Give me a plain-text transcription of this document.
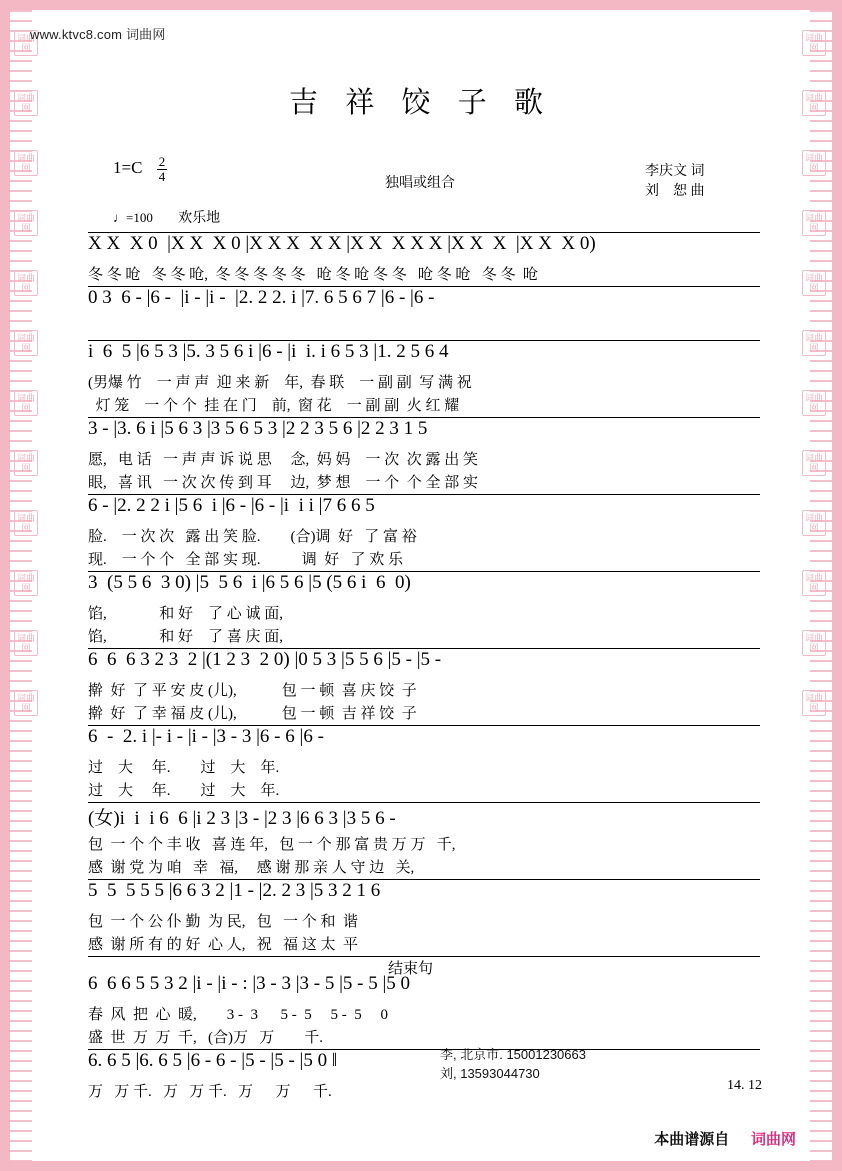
词曲网
词曲网
词曲网
词曲网
词曲网
词曲网
词曲网
词曲网
词曲网
词曲网
词曲网
词曲网
词曲网
词曲网
词曲网
词曲网
词曲网
词曲网
词曲网
词曲网
词曲网
词曲网
词曲网
词曲网
www.ktvc8.com 词曲网
吉 祥 饺 子 歌
$1=C \frac{2}{4}$
独唱或组合
李庆文 词
刘　恕 曲
♩=100 欢乐地
X X  X 0  |X X  X 0 |X X X  X X |X X  X X X |X X  X  |X X  X 0)
冬 冬 呛   冬 冬 呛,  冬 冬 冬 冬 冬   呛 冬 呛 冬 冬   呛 冬 呛   冬 冬  呛
0 3  6 - |6 -  |i - |i -  |2. 2 2. i |7. 6 5 6 7 |6 - |6 -

i  6  5 |6 5 3 |5. 3 5 6 i |6 - |i  i. i 6 5 3 |1. 2 5 6 4
(男爆 竹    一 声 声  迎 来 新    年,  春 联    一 副 副  写 满 祝
灯 笼    一 个 个  挂 在 门    前,  窗 花    一 副 副  火 红 耀
3 - |3. 6 i |5 6 3 |3 5 6 5 3 |2 2 3 5 6 |2 2 3 1 5
愿,   电 话   一 声 声 诉 说 思     念,  妈 妈    一 次  次 露 出 笑
眼,   喜 讯   一 次 次 传 到 耳     边,  梦 想    一 个  个 全 部 实
6 - |2. 2 2 i |5 6  i |6 - |6 - |i  i i |7 6 6 5
脸.    一 次 次   露 出 笑 脸.        (合)调  好   了 富 裕
现.    一 个 个   全 部 实 现.           调  好   了 欢 乐
3  (5 5 6  3 0) |5  5 6  i |6 5 6 |5 (5 6 i  6  0)
馅,              和 好    了 心 诚 面,
馅,              和 好    了 喜 庆 面,
6  6  6 3 2 3  2 |(1 2 3  2 0) |0 5 3 |5 5 6 |5 - |5 -
擀  好  了 平 安 皮 (儿),            包 一 顿  喜 庆 饺  子
擀  好  了 幸 福 皮 (儿),            包 一 顿  吉 祥 饺  子
6  -  2. i |- i - |i - |3 - 3 |6 - 6 |6 -
过    大     年.        过    大    年.
过    大     年.        过    大    年.
(女)i  i  i 6  6 |i 2 3 |3 - |2 3 |6 6 3 |3 5 6 -
包  一 个 个 丰 收   喜 连 年,   包 一 个 那 富 贵 万 万   千,
感  谢 党 为 咱   幸   福,     感 谢 那 亲 人 守 边   关,
5  5  5 5 5 |6 6 3 2 |1 - |2. 2 3 |5 3 2 1 6
包  一 个 公 仆 勤  为 民,   包   一 个 和  谐
感  谢 所 有 的 好  心 人,   祝   福 这 太  平
结束句
6  6 6 5 5 3 2 |i - |i - : |3 - 3 |3 - 5 |5 - 5 |5 0
春  风  把  心  暖,        3 -  3      5 -  5     5 -  5     0
盛  世  万  万  千,   (合)万   万        千.
6. 6 5 |6. 6 5 |6 - 6 - |5 - |5 - |5 0 ‖
万   万 千.   万   万 千.   万      万      千.
李, 北京市. 15001230663
刘, 13593044730
14. 12
本曲谱源自 词曲网
